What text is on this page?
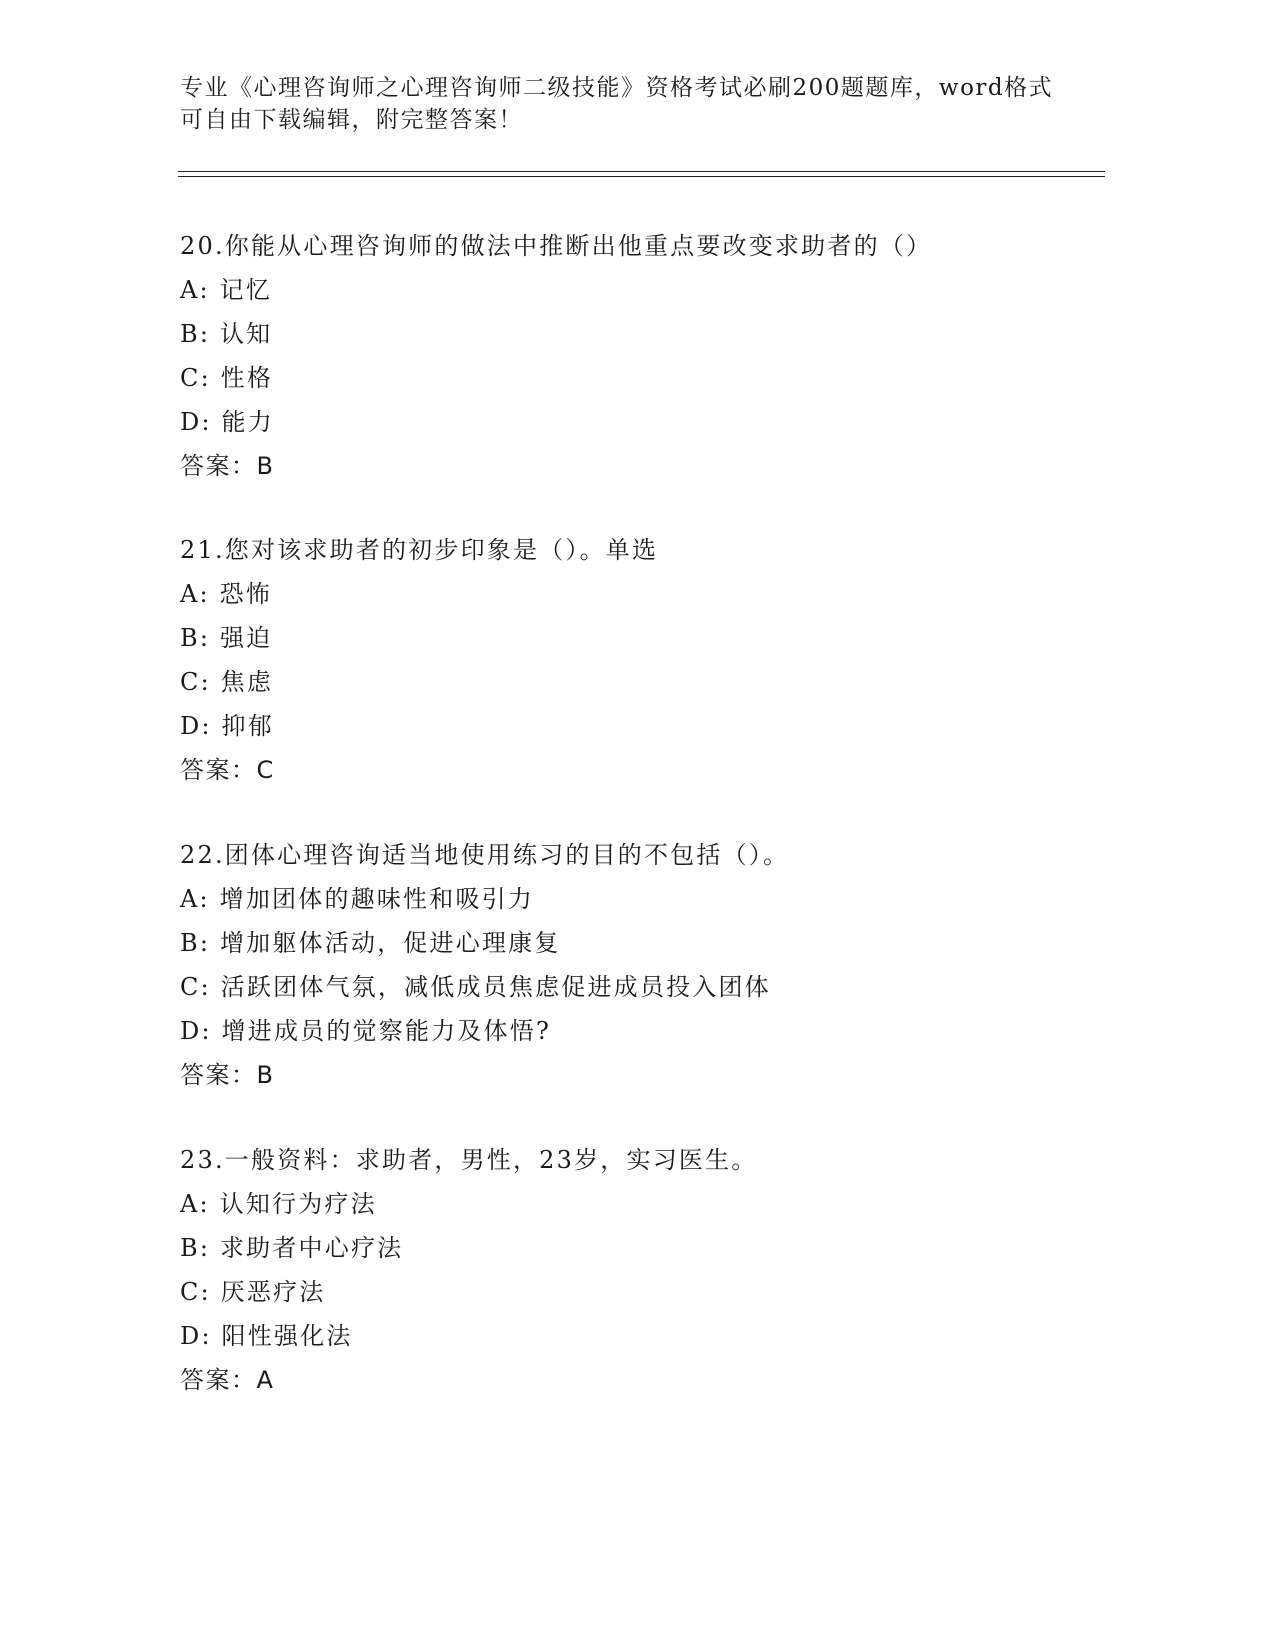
专业《心理咨询师之心理咨询师二级技能》资格考试必刷200题题库，word格式
可自由下载编辑，附完整答案！
20.你能从心理咨询师的做法中推断出他重点要改变求助者的（）
A: 记忆
B: 认知
C: 性格
D: 能力
答案：B
21.您对该求助者的初步印象是（）。单选
A: 恐怖
B: 强迫
C: 焦虑
D: 抑郁
答案：C
22.团体心理咨询适当地使用练习的目的不包括（）。
A: 增加团体的趣味性和吸引力
B: 增加躯体活动，促进心理康复
C: 活跃团体气氛，减低成员焦虑促进成员投入团体
D: 增进成员的觉察能力及体悟?
答案：B
23.一般资料：求助者，男性，23岁，实习医生。
A: 认知行为疗法
B: 求助者中心疗法
C: 厌恶疗法
D: 阳性强化法
答案：A
